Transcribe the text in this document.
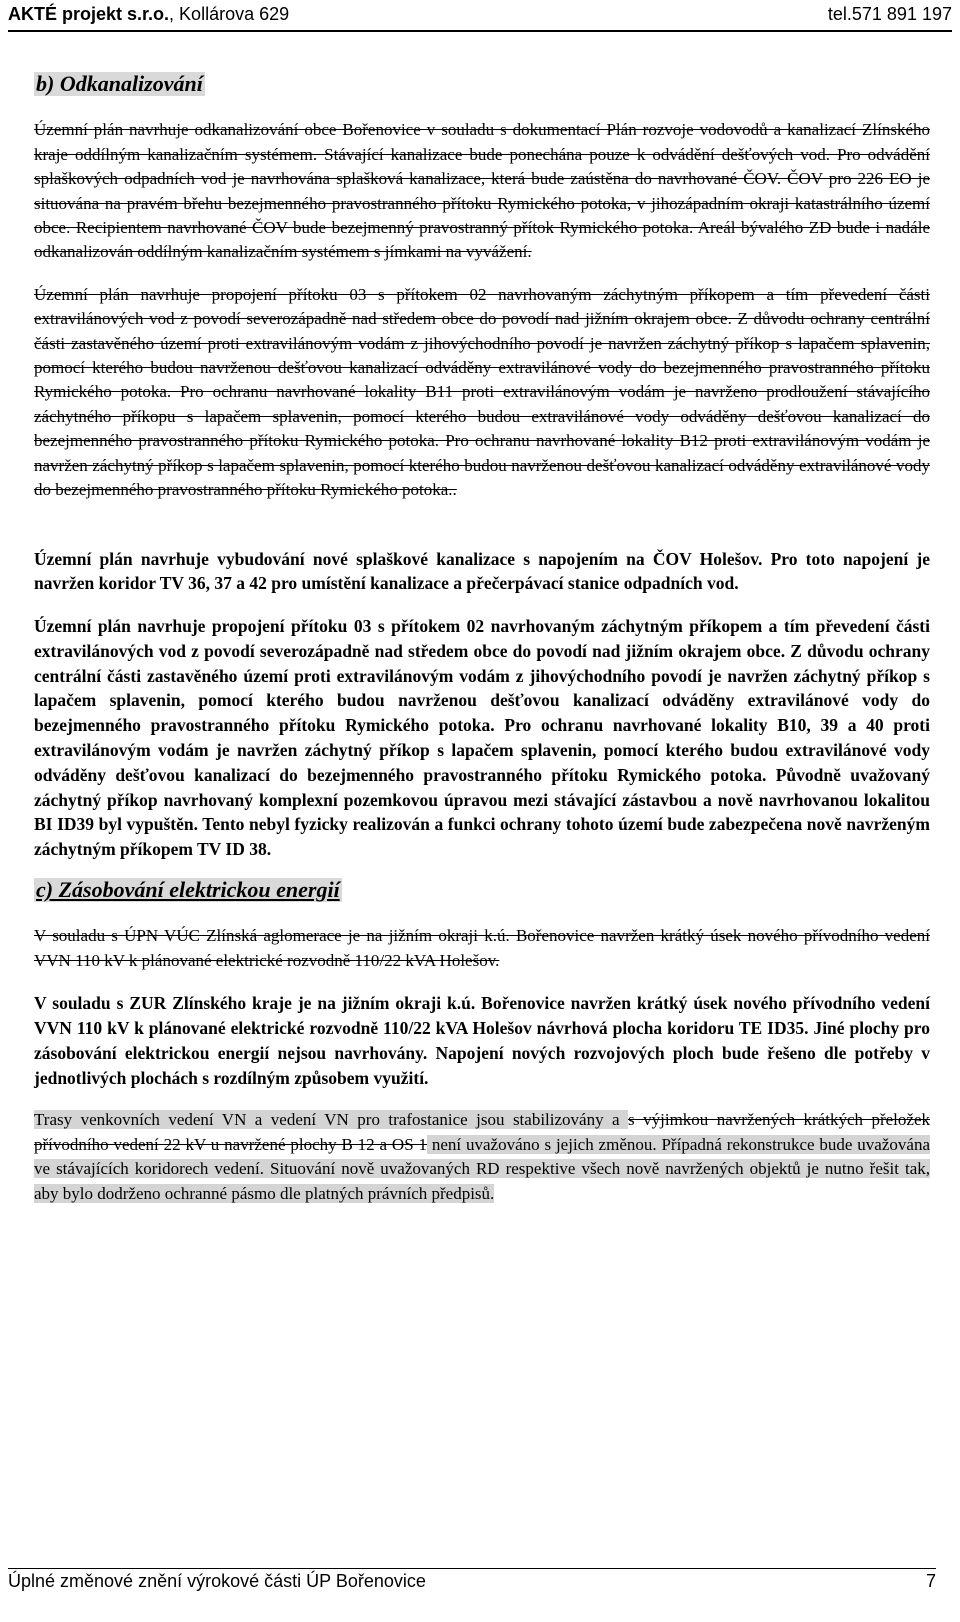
AKTÉ projekt s.r.o., Kollárova 629	tel.571 891 197
b) Odkanalizování

Územní plán navrhuje odkanalizování obce Bořenovice v souladu s dokumentací Plán rozvoje vodovodů a kanalizací Zlínského kraje oddílným kanalizačním systémem. Stávající kanalizace bude ponechána pouze k odvádění dešťových vod. Pro odvádění splaškových odpadních vod je navrhována splašková kanalizace, která bude zaústěna do navrhované ČOV. ČOV pro 226 EO je situována na pravém břehu bezejmenného pravostranného přítoku Rymického potoka, v jihozápadním okraji katastrálního území obce. Recipientem navrhované ČOV bude bezejmenný pravostranný přítok Rymického potoka. Areál bývalého ZD bude i nadále odkanalizován oddílným kanalizačním systémem s jímkami na vyvážení.

Územní plán navrhuje propojení přítoku 03 s přítokem 02 navrhovaným záchytným příkopem a tím převedení části extravilánových vod z povodí severozápadně nad středem obce do povodí nad jižním okrajem obce. Z důvodu ochrany centrální části zastavěného území proti extravilánovým vodám z jihovýchodního povodí je navržen záchytný příkop s lapačem splavenin, pomocí kterého budou navrženou dešťovou kanalizací odváděny extravilánové vody do bezejmenného pravostranného přítoku Rymického potoka. Pro ochranu navrhované lokality B11 proti extravilánovým vodám je navrženo prodloužení stávajícího záchytného příkopu s lapačem splavenin, pomocí kterého budou extravilánové vody odváděny dešťovou kanalizací do bezejmenného pravostranného přítoku Rymického potoka. Pro ochranu navrhované lokality B12 proti extravilánovým vodám je navržen záchytný příkop s lapačem splavenin, pomocí kterého budou navrženou dešťovou kanalizací odváděny extravilánové vody do bezejmenného pravostranného přítoku Rymického potoka..

Územní plán navrhuje vybudování nové splaškové kanalizace s napojením na ČOV Holešov. Pro toto napojení je navržen koridor TV 36, 37 a 42 pro umístění kanalizace a přečerpávací stanice odpadních vod.

Územní plán navrhuje propojení přítoku 03 s přítokem 02 navrhovaným záchytným příkopem a tím převedení části extravilánových vod z povodí severozápadně nad středem obce do povodí nad jižním okrajem obce. Z důvodu ochrany centrální části zastavěného území proti extravilánovým vodám z jihovýchodního povodí je navržen záchytný příkop s lapačem splavenin, pomocí kterého budou navrženou dešťovou kanalizací odváděny extravilánové vody do bezejmenného pravostranného přítoku Rymického potoka. Pro ochranu navrhované lokality B10, 39 a 40 proti extravilánovým vodám je navržen záchytný příkop s lapačem splavenin, pomocí kterého budou extravilánové vody odváděny dešťovou kanalizací do bezejmenného pravostranného přítoku Rymického potoka. Původně uvažovaný záchytný příkop navrhovaný komplexní pozemkovou úpravou mezi stávající zástavbou a nově navrhovanou lokalitou BI ID39 byl vypuštěn. Tento nebyl fyzicky realizován a funkci ochrany tohoto území bude zabezpečena nově navrženým záchytným příkopem TV ID 38.

c) Zásobování elektrickou energií

V souladu s ÚPN VÚC Zlínská aglomerace je na jižním okraji k.ú. Bořenovice navržen krátký úsek nového přívodního vedení VVN 110 kV k plánované elektrické rozvodně 110/22 kVA Holešov.

V souladu s ZUR Zlínského kraje je na jižním okraji k.ú. Bořenovice navržen krátký úsek nového přívodního vedení VVN 110 kV k plánované elektrické rozvodně 110/22 kVA Holešov návrhová plocha koridoru TE ID35. Jiné plochy pro zásobování elektrickou energií nejsou navrhovány. Napojení nových rozvojových ploch bude řešeno dle potřeby v jednotlivých plochách s rozdílným způsobem využití.

Trasy venkovních vedení VN a vedení VN pro trafostanice jsou stabilizovány a s výjimkou navržených krátkých přeložek přívodního vedení 22 kV u navržené plochy B 12 a OS 1 není uvažováno s jejich změnou. Případná rekonstrukce bude uvažována ve stávajících koridorech vedení. Situování nově uvažovaných RD respektive všech nově navržených objektů je nutno řešit tak, aby bylo dodrženo ochranné pásmo dle platných právních předpisů.

Úplné změnové znění výrokové části ÚP Bořenovice	7
